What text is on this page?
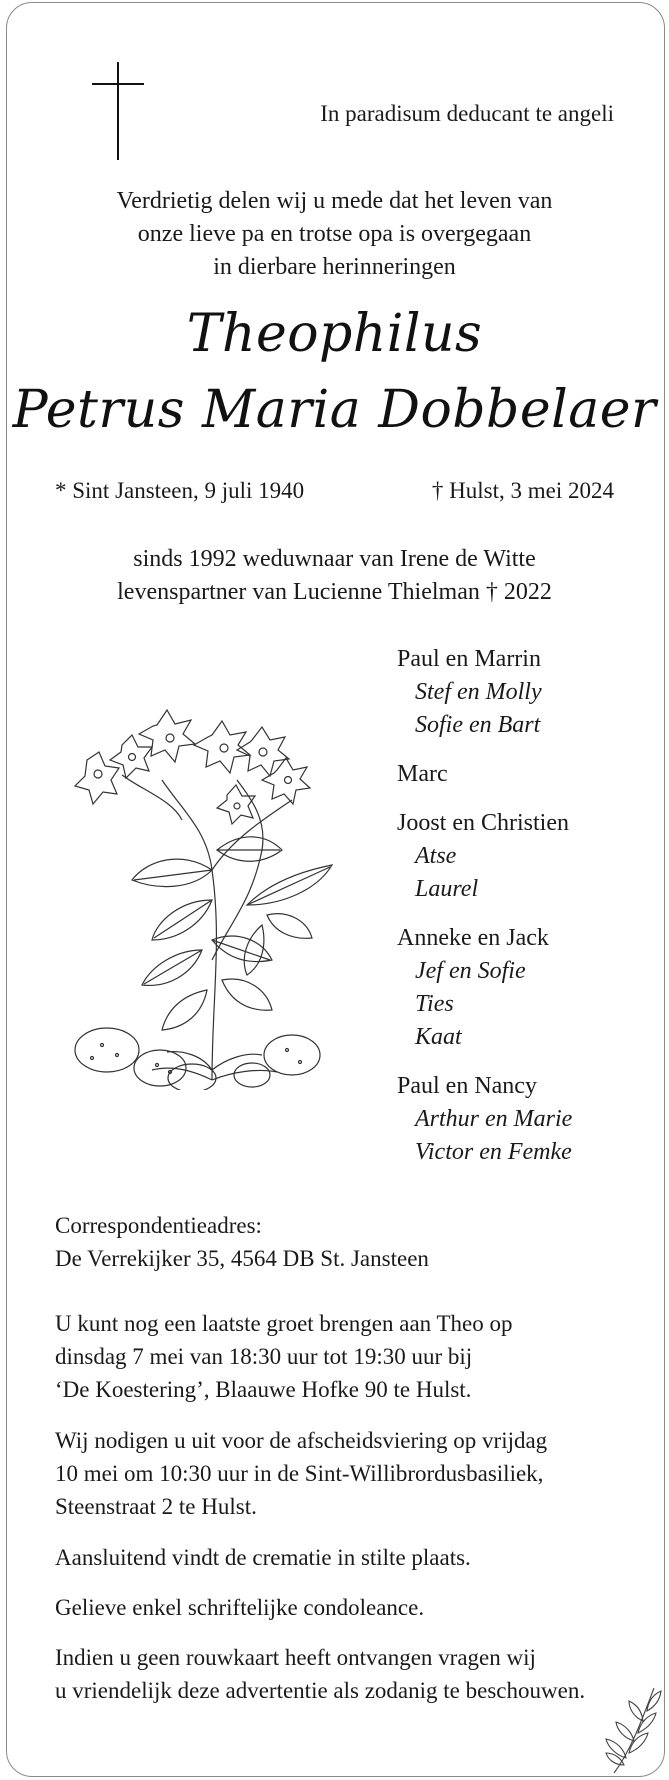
In paradisum deducant te angeli
Verdrietig delen wij u mede dat het leven van
onze lieve pa en trotse opa is overgegaan
in dierbare herinneringen
Theophilus
Petrus Maria Dobbelaer
* Sint Jansteen, 9 juli 1940	† Hulst, 3 mei 2024
sinds 1992 weduwnaar van Irene de Witte
levenspartner van Lucienne Thielman † 2022
Paul en Marrin
Stef en Molly
Sofie en Bart
Marc
Joost en Christien
Atse
Laurel
Anneke en Jack
Jef en Sofie
Ties
Kaat
Paul en Nancy
Arthur en Marie
Victor en Femke
Correspondentieadres:
De Verrekijker 35, 4564 DB St. Jansteen
U kunt nog een laatste groet brengen aan Theo op
dinsdag 7 mei van 18:30 uur tot 19:30 uur bij
‘De Koestering’, Blaauwe Hofke 90 te Hulst.
Wij nodigen u uit voor de afscheidsviering op vrijdag
10 mei om 10:30 uur in de Sint-Willibrordusbasiliek,
Steenstraat 2 te Hulst.
Aansluitend vindt de crematie in stilte plaats.
Gelieve enkel schriftelijke condoleance.
Indien u geen rouwkaart heeft ontvangen vragen wij
u vriendelijk deze advertentie als zodanig te beschouwen.
